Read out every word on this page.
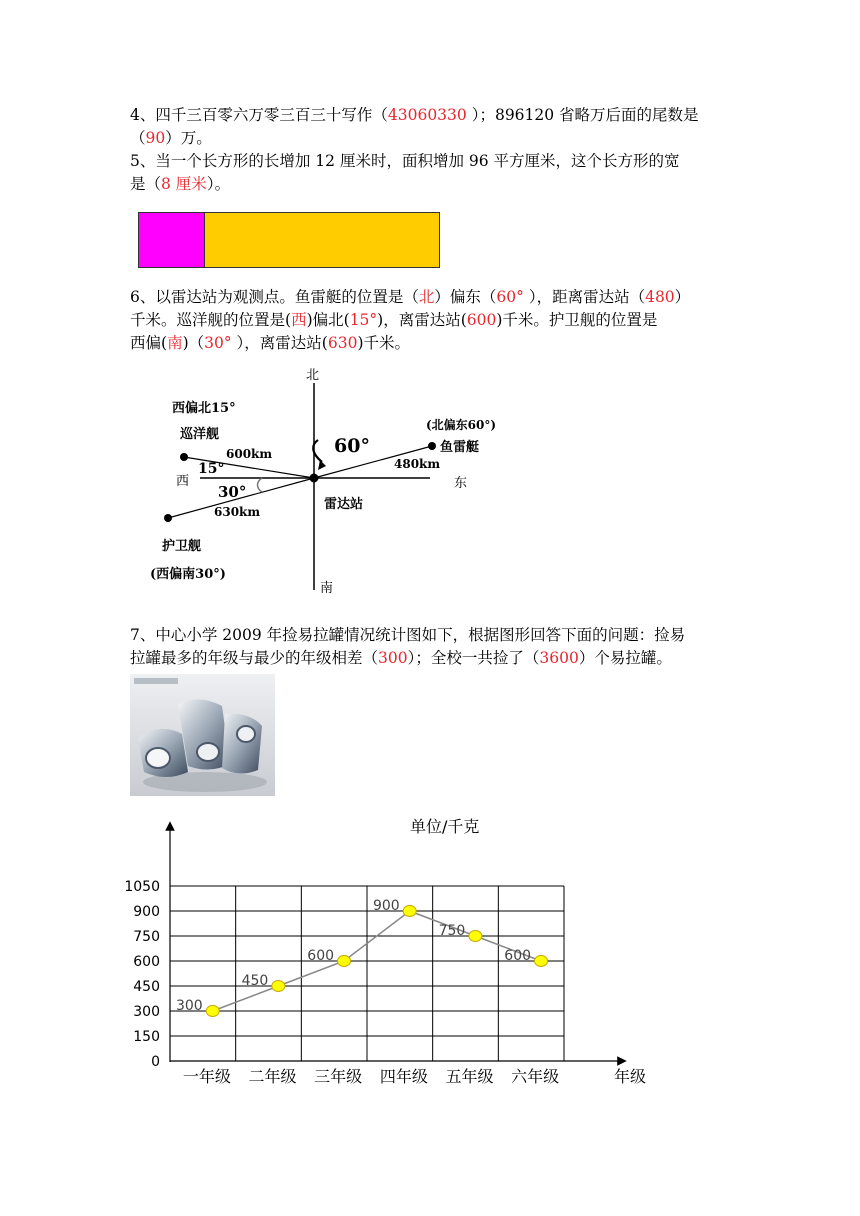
4、四千三百零六万零三百三十写作（43060330 ）；896120 省略万后面的尾数是
（90）万。
5、当一个长方形的长增加 12 厘米时，面积增加 96 平方厘米，这个长方形的宽
是（8 厘米）。
6、以雷达站为观测点。鱼雷艇的位置是（北）偏东（60° ），距离雷达站（480）
千米。巡洋舰的位置是(西)偏北(15°)，离雷达站(600)千米。护卫舰的位置是
西偏(南)（30° ），离雷达站(630)千米。
北
南
东
西
雷达站
西偏北15°
巡洋舰
600km
15°
30°
630km
护卫舰
(西偏南30°)
60°
(北偏东60°)
鱼雷艇
480km
7、中心小学 2009 年捡易拉罐情况统计图如下，根据图形回答下面的问题：捡易
拉罐最多的年级与最少的年级相差（300）；全校一共捡了（3600）个易拉罐。
单位/千克
年级
0
150
300
450
600
750
900
1050
一年级 二年级 三年级 四年级 五年级 六年级
300
450
600
900
750
600
